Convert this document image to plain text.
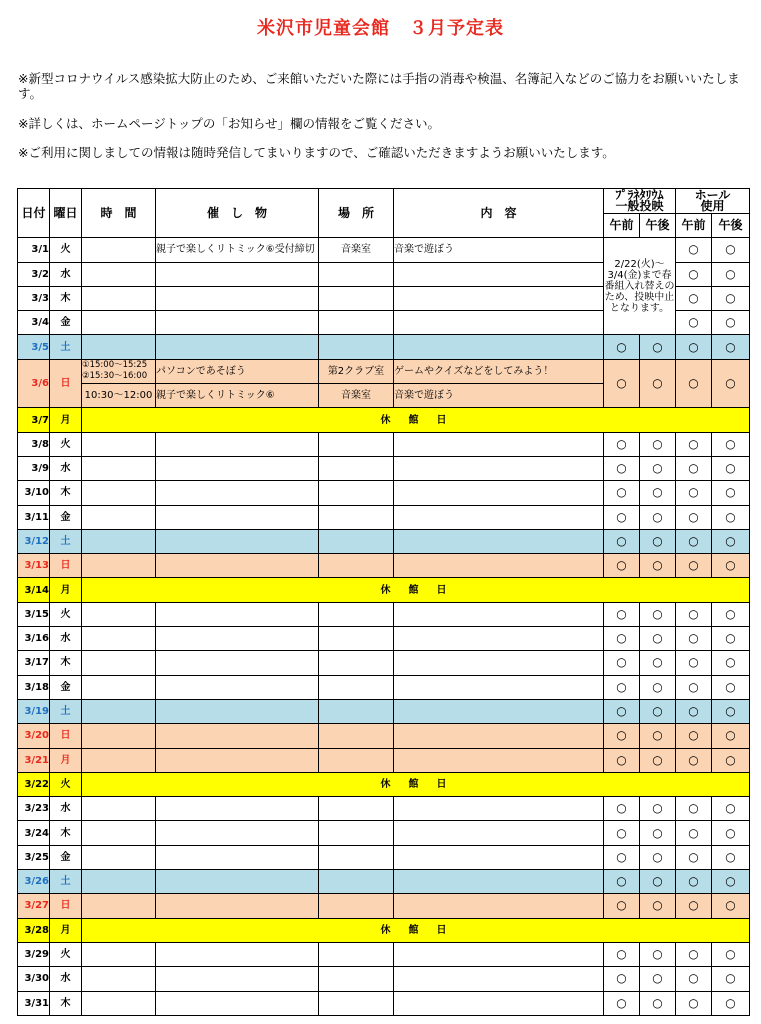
米沢市児童会館　３月予定表
※新型コロナウイルス感染拡大防止のため、ご来館いただいた際には手指の消毒や検温、名簿記入などのご協力をお願いいたします。
※詳しくは、ホームページトップの「お知らせ」欄の情報をご覧ください。
※ご利用に関しましての情報は随時発信してまいりますので、ご確認いただきますようお願いいたします。
日付	曜日	時　間	催　し　物	場　所	内　容	ﾌﾟﾗﾈﾀﾘｳﾑ
一般投映		ホール
使用	
						午前	午後	午前	午後
3/1	火		親子で楽しくリトミック⑥受付締切	音楽室	音楽で遊ぼう	2/22(火)～3/4(金)まで春番組入れ替えのため、投映中止となります。		○	○
3/2	水							○	○
3/3	木							○	○
3/4	金							○	○
3/5	土					○	○	○	○
3/6	日	①15:00～15:25
②15:30～16:00	パソコンであそぼう	第2クラブ室	ゲームやクイズなどをしてみよう！	○	○	○	○
		10:30～12:00	親子で楽しくリトミック⑥	音楽室	音楽で遊ぼう				
3/7	月	休　館　日							
3/8	火					○	○	○	○
3/9	水					○	○	○	○
3/10	木					○	○	○	○
3/11	金					○	○	○	○
3/12	土					○	○	○	○
3/13	日					○	○	○	○
3/14	月	休　館　日							
3/15	火					○	○	○	○
3/16	水					○	○	○	○
3/17	木					○	○	○	○
3/18	金					○	○	○	○
3/19	土					○	○	○	○
3/20	日					○	○	○	○
3/21	月					○	○	○	○
3/22	火	休　館　日							
3/23	水					○	○	○	○
3/24	木					○	○	○	○
3/25	金					○	○	○	○
3/26	土					○	○	○	○
3/27	日					○	○	○	○
3/28	月	休　館　日							
3/29	火					○	○	○	○
3/30	水					○	○	○	○
3/31	木					○	○	○	○
